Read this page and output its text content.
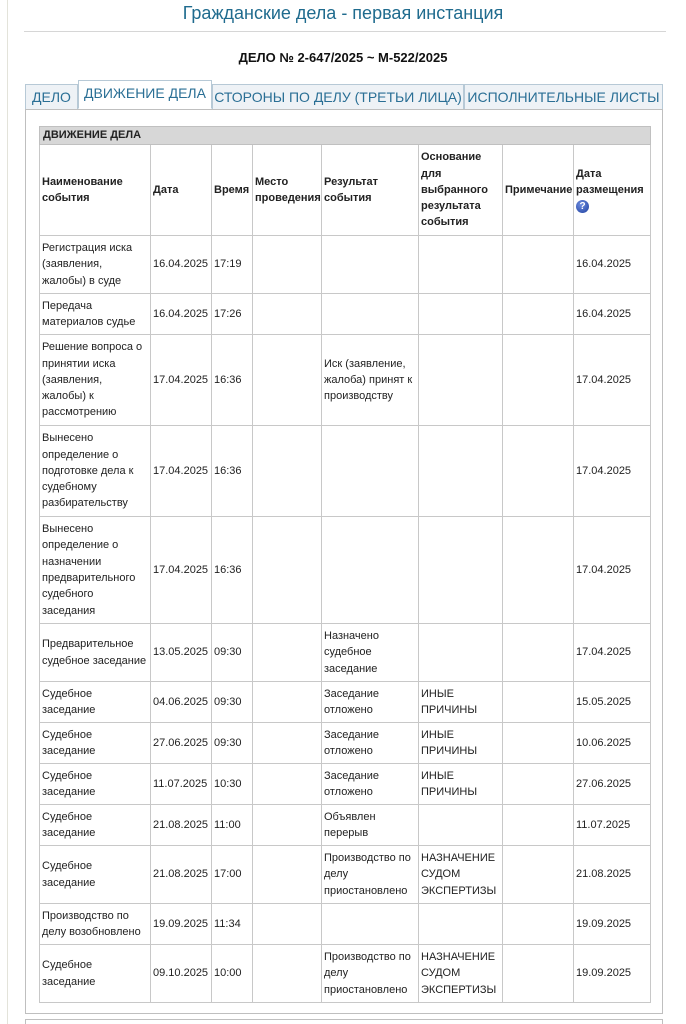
Гражданские дела - первая инстанция
ДЕЛО № 2-647/2025 ~ М-522/2025
ДЕЛО ДВИЖЕНИЕ ДЕЛА СТОРОНЫ ПО ДЕЛУ (ТРЕТЬИ ЛИЦА) ИСПОЛНИТЕЛЬНЫЕ ЛИСТЫ
ДВИЖЕНИЕ ДЕЛА							
Наименование события	Дата	Время	Место проведения	Результат события	Основание для выбранного результата события	Примечание	Дата размещения
?
Регистрация иска (заявления, жалобы) в суде	16.04.2025	17:19					16.04.2025
Передача материалов судье	16.04.2025	17:26					16.04.2025
Решение вопроса о принятии иска (заявления, жалобы) к рассмотрению	17.04.2025	16:36		Иск (заявление, жалоба) принят к производству			17.04.2025
Вынесено определение о подготовке дела к судебному разбирательству	17.04.2025	16:36					17.04.2025
Вынесено определение о назначении предварительного судебного заседания	17.04.2025	16:36					17.04.2025
Предварительное судебное заседание	13.05.2025	09:30		Назначено судебное заседание			17.04.2025
Судебное заседание	04.06.2025	09:30		Заседание отложено	ИНЫЕ ПРИЧИНЫ		15.05.2025
Судебное заседание	27.06.2025	09:30		Заседание отложено	ИНЫЕ ПРИЧИНЫ		10.06.2025
Судебное заседание	11.07.2025	10:30		Заседание отложено	ИНЫЕ ПРИЧИНЫ		27.06.2025
Судебное заседание	21.08.2025	11:00		Объявлен перерыв			11.07.2025
Судебное заседание	21.08.2025	17:00		Производство по делу приостановлено	НАЗНАЧЕНИЕ СУДОМ ЭКСПЕРТИЗЫ		21.08.2025
Производство по делу возобновлено	19.09.2025	11:34					19.09.2025
Судебное заседание	09.10.2025	10:00		Производство по делу приостановлено	НАЗНАЧЕНИЕ СУДОМ ЭКСПЕРТИЗЫ		19.09.2025
